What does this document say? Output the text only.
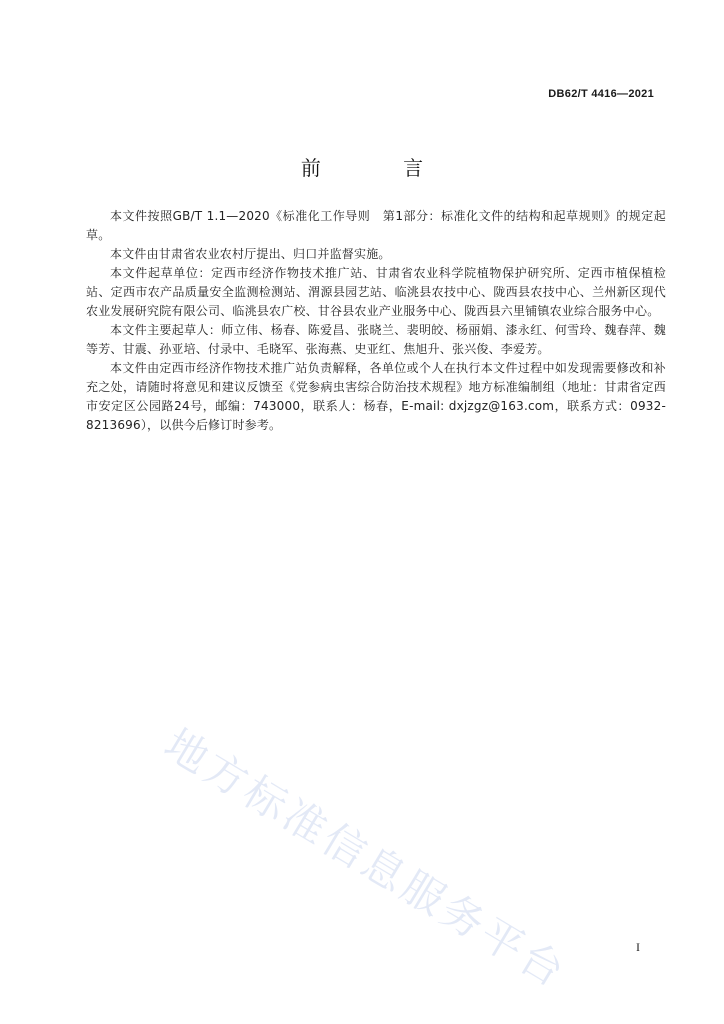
DB62/T 4416—2021
前 言

本文件按照GB/T 1.1—2020《标准化工作导则　第1部分：标准化文件的结构和起草规则》的规定起草。

本文件由甘肃省农业农村厅提出、归口并监督实施。

本文件起草单位：定西市经济作物技术推广站、甘肃省农业科学院植物保护研究所、定西市植保植检站、定西市农产品质量安全监测检测站、渭源县园艺站、临洮县农技中心、陇西县农技中心、兰州新区现代农业发展研究院有限公司、临洮县农广校、甘谷县农业产业服务中心、陇西县六里铺镇农业综合服务中心。

本文件主要起草人：师立伟、杨春、陈爱昌、张晓兰、裴明皎、杨丽娟、漆永红、何雪玲、魏春萍、魏等芳、甘震、孙亚培、付录中、毛晓军、张海燕、史亚红、焦旭升、张兴俊、李爱芳。

本文件由定西市经济作物技术推广站负责解释，各单位或个人在执行本文件过程中如发现需要修改和补充之处，请随时将意见和建议反馈至《党参病虫害综合防治技术规程》地方标准编制组（地址：甘肃省定西市安定区公园路24号，邮编：743000，联系人：杨春，E-mail: dxjzgz@163.com，联系方式：0932-8213696），以供今后修订时参考。

地方标准信息服务平台	I
